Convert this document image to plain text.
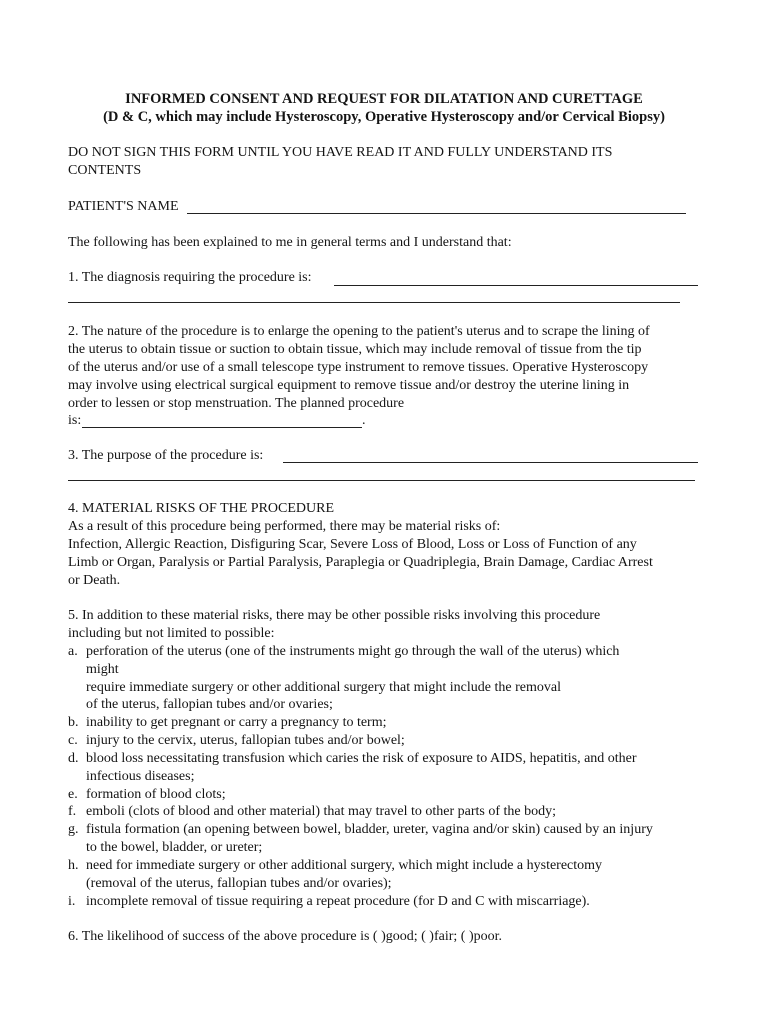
INFORMED CONSENT AND REQUEST FOR DILATATION AND CURETTAGE
(D & C, which may include Hysteroscopy, Operative Hysteroscopy and/or Cervical Biopsy)
DO NOT SIGN THIS FORM UNTIL YOU HAVE READ IT AND FULLY UNDERSTAND ITS
CONTENTS
PATIENT'S NAME
The following has been explained to me in general terms and I understand that:
1. The diagnosis requiring the procedure is:
2. The nature of the procedure is to enlarge the opening to the patient's uterus and to scrape the lining of
the uterus to obtain tissue or suction to obtain tissue, which may include removal of tissue from the tip
of the uterus and/or use of a small telescope type instrument to remove tissues. Operative Hysteroscopy
may involve using electrical surgical equipment to remove tissue and/or destroy the uterine lining in
order to lessen or stop menstruation. The planned procedure
is:	.
3. The purpose of the procedure is:
4. MATERIAL RISKS OF THE PROCEDURE
As a result of this procedure being performed, there may be material risks of:
Infection, Allergic Reaction, Disfiguring Scar, Severe Loss of Blood, Loss or Loss of Function of any
Limb or Organ, Paralysis or Partial Paralysis, Paraplegia or Quadriplegia, Brain Damage, Cardiac Arrest
or Death.
5. In addition to these material risks, there may be other possible risks involving this procedure
including but not limited to possible:
a. perforation of the uterus (one of the instruments might go through the wall of the uterus) which
might
require immediate surgery or other additional surgery that might include the removal
of the uterus, fallopian tubes and/or ovaries;
b. inability to get pregnant or carry a pregnancy to term;
c. injury to the cervix, uterus, fallopian tubes and/or bowel;
d. blood loss necessitating transfusion which caries the risk of exposure to AIDS, hepatitis, and other
infectious diseases;
e. formation of blood clots;
f. emboli (clots of blood and other material) that may travel to other parts of the body;
g. fistula formation (an opening between bowel, bladder, ureter, vagina and/or skin) caused by an injury
to the bowel, bladder, or ureter;
h. need for immediate surgery or other additional surgery, which might include a hysterectomy
(removal of the uterus, fallopian tubes and/or ovaries);
i. incomplete removal of tissue requiring a repeat procedure (for D and C with miscarriage).
6. The likelihood of success of the above procedure is ( )good; ( )fair; ( )poor.
